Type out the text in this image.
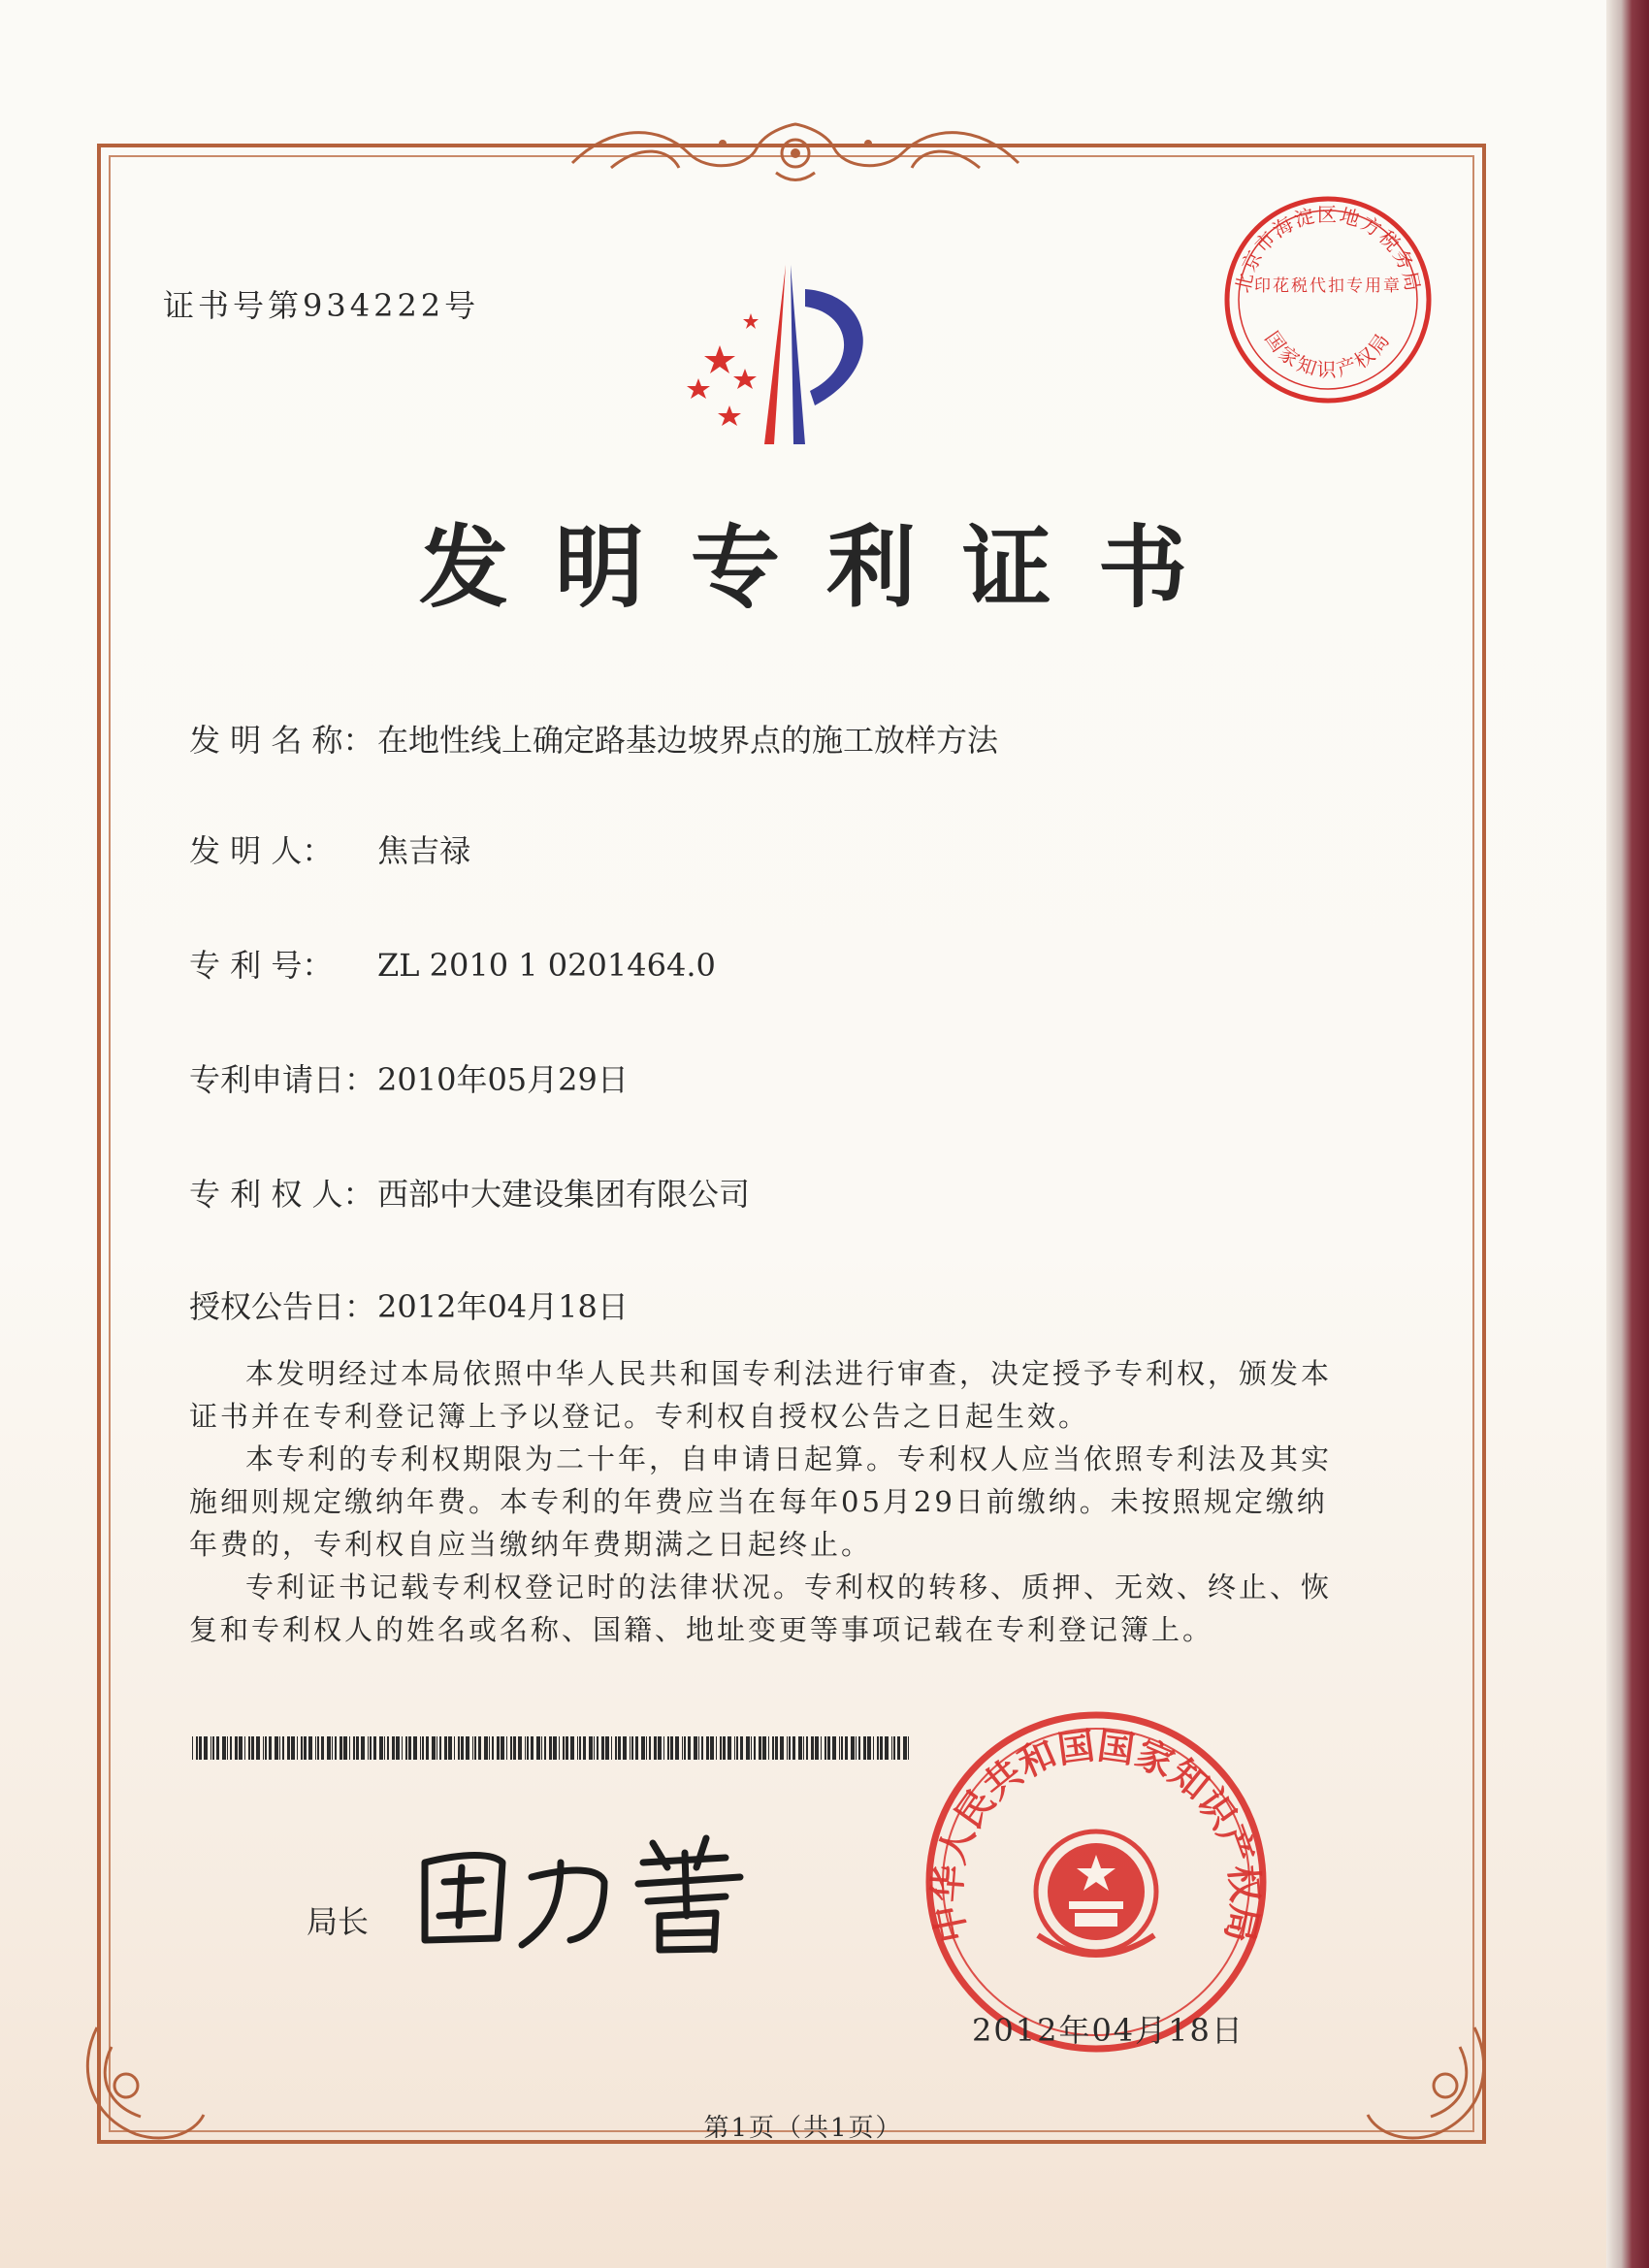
证书号第934222号
北京市海淀区地方税务局
印花税代扣专用章
国家知识产权局
发明专利证书
发 明 名 称： 在地性线上确定路基边坡界点的施工放样方法
发 明 人： 焦吉禄
专 利 号： ZL 2010 1 0201464.0
专利申请日：2010年05月29日
专 利 权 人： 西部中大建设集团有限公司
授权公告日：2012年04月18日

本发明经过本局依照中华人民共和国专利法进行审查，决定授予专利权，颁发本证书并在专利登记簿上予以登记。专利权自授权公告之日起生效。

本专利的专利权期限为二十年，自申请日起算。专利权人应当依照专利法及其实施细则规定缴纳年费。本专利的年费应当在每年05月29日前缴纳。未按照规定缴纳年费的，专利权自应当缴纳年费期满之日起终止。

专利证书记载专利权登记时的法律状况。专利权的转移、质押、无效、终止、恢复和专利权人的姓名或名称、国籍、地址变更等事项记载在专利登记簿上。

局长	中华人民共和国国家知识产权局
2012年04月18日
第1页（共1页）
